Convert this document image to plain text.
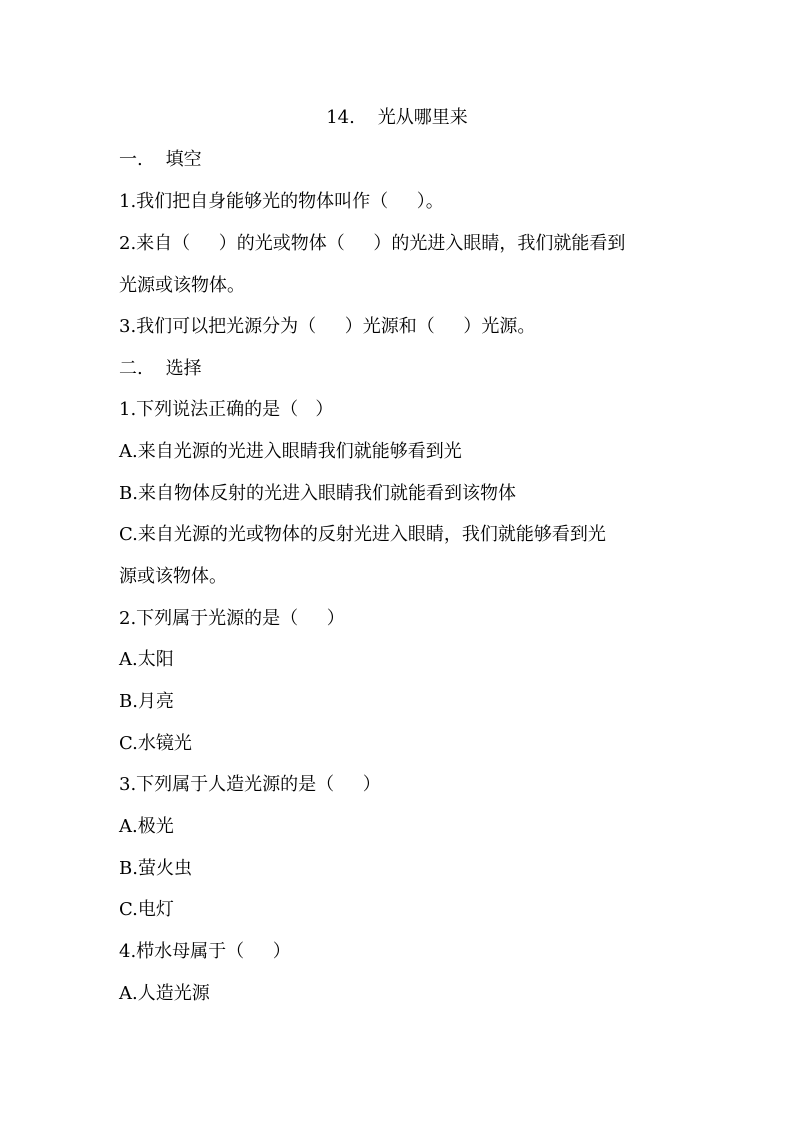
14.    光从哪里来
一.    填空
1.我们把自身能够光的物体叫作（     ）。
2.来自（     ）的光或物体（     ）的光进入眼睛，我们就能看到
光源或该物体。
3.我们可以把光源分为（     ）光源和（     ）光源。
二.    选择
1.下列说法正确的是（   ）
A.来自光源的光进入眼睛我们就能够看到光
B.来自物体反射的光进入眼睛我们就能看到该物体
C.来自光源的光或物体的反射光进入眼睛，我们就能够看到光
源或该物体。
2.下列属于光源的是（     ）
A.太阳
B.月亮
C.水镜光
3.下列属于人造光源的是（     ）
A.极光
B.萤火虫
C.电灯
4.栉水母属于（     ）
A.人造光源
